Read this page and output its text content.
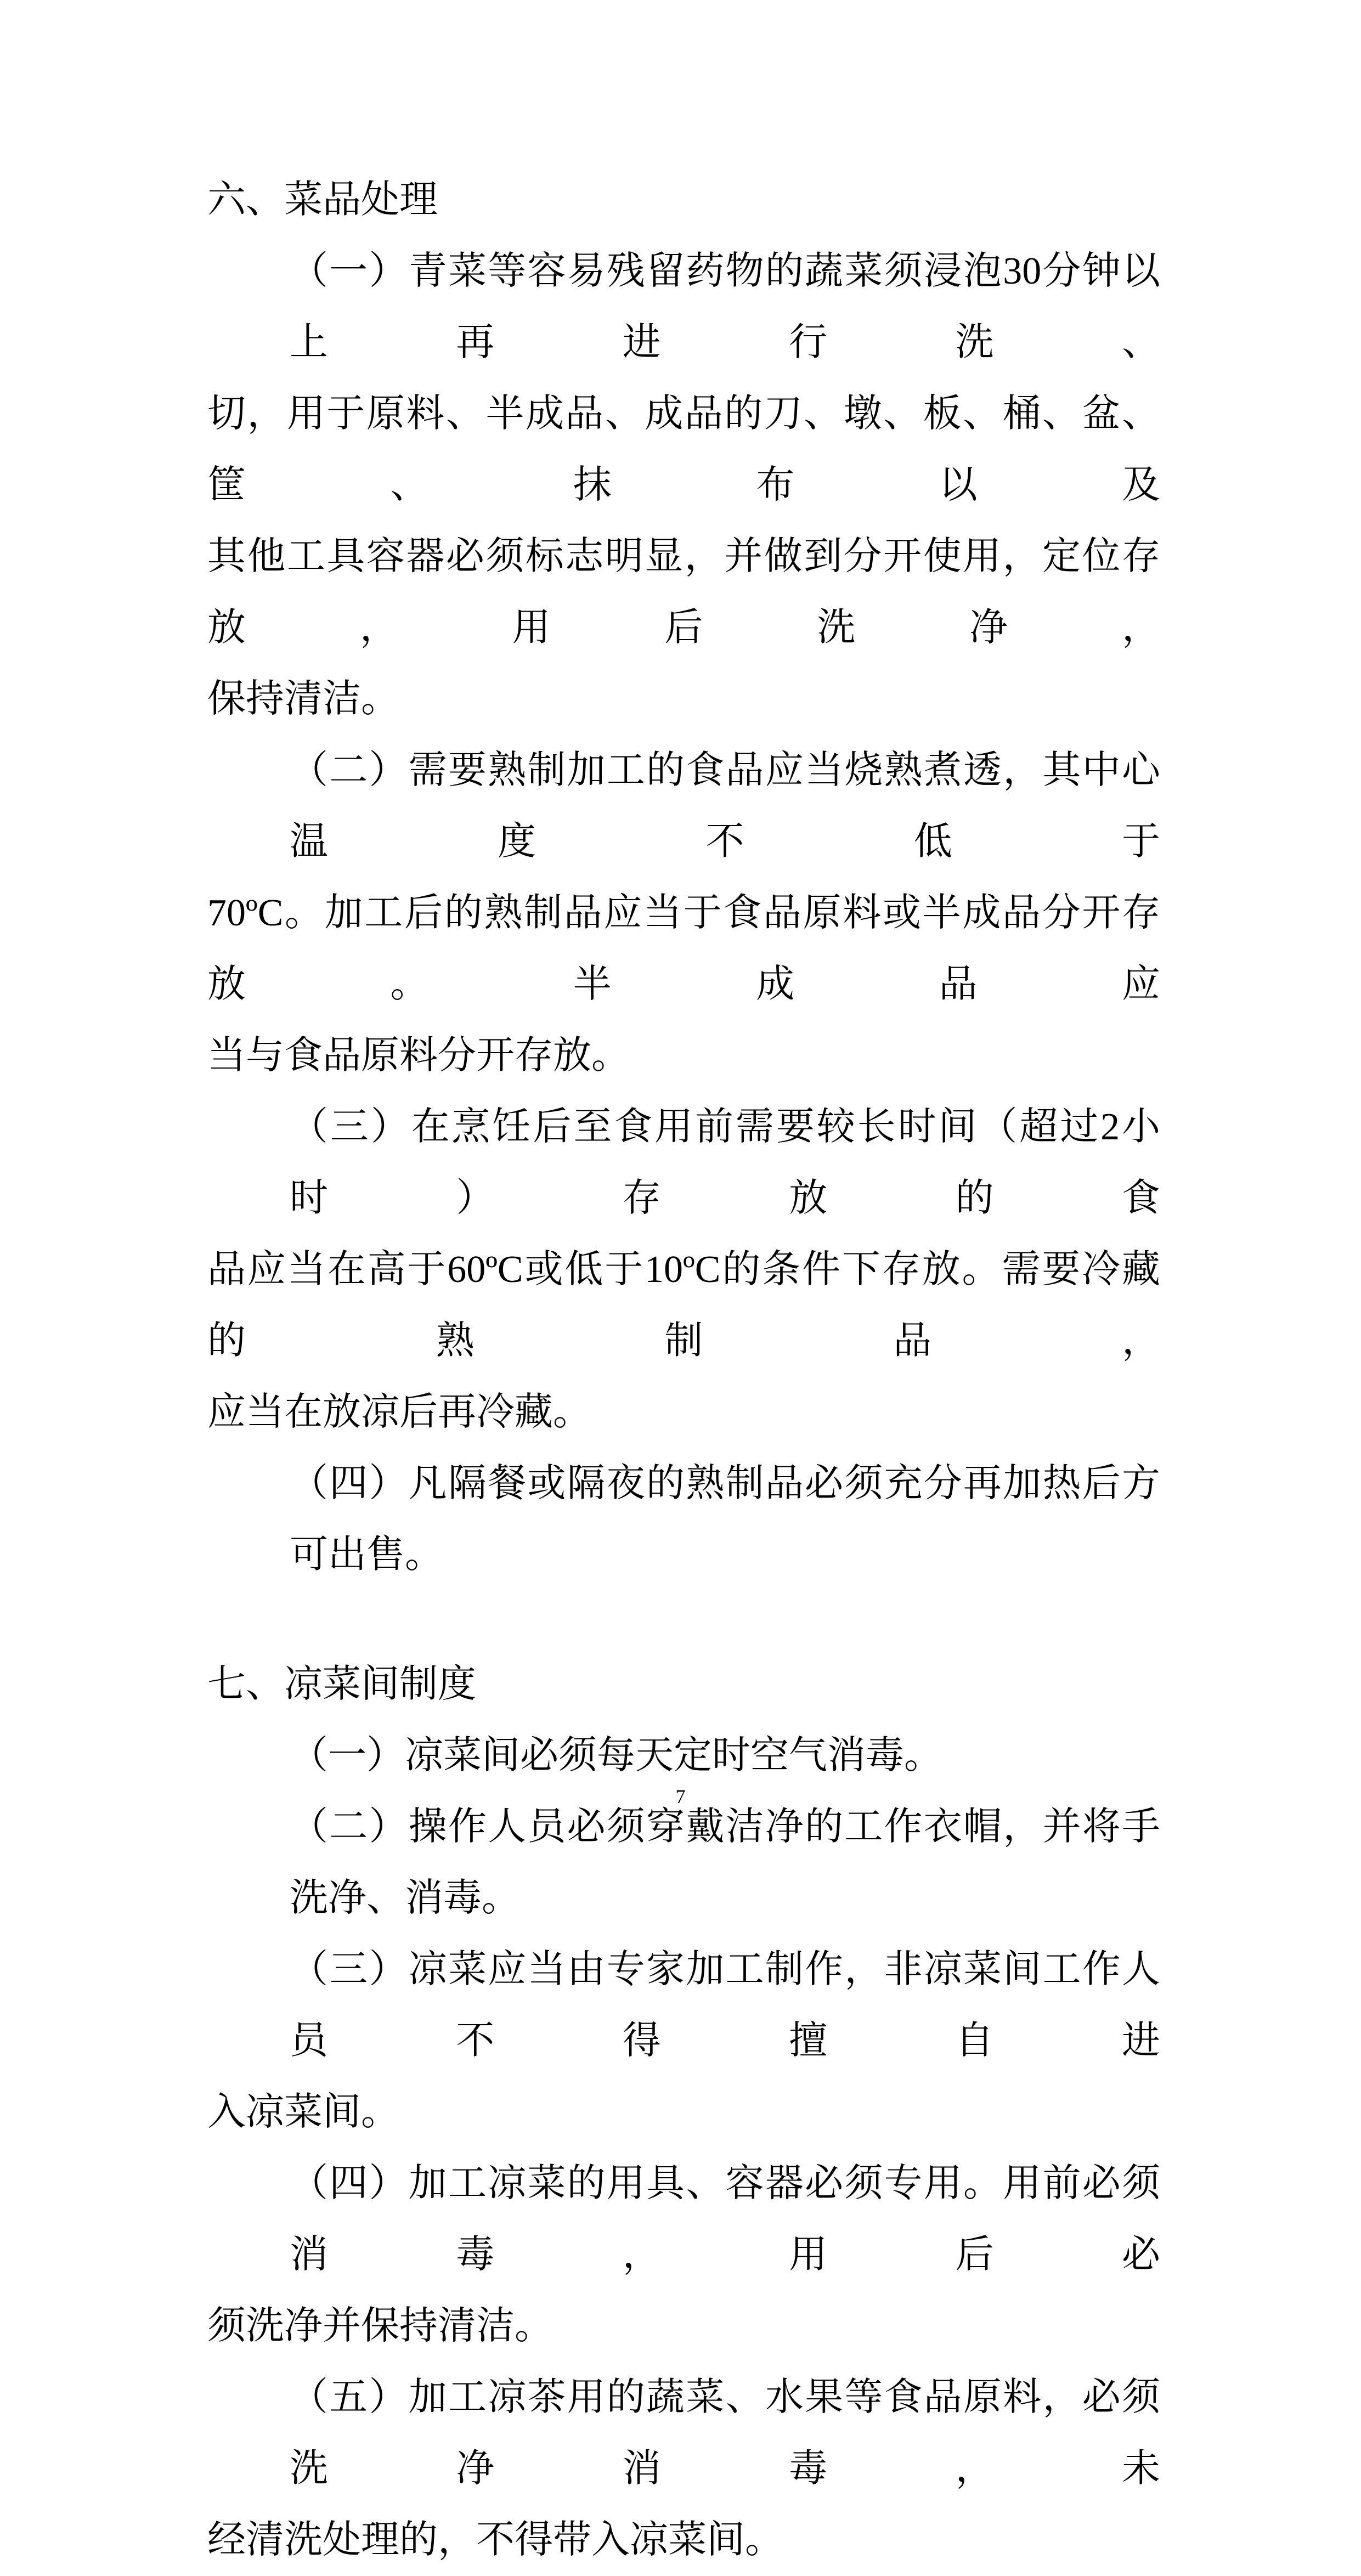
六、菜品处理
（一）青菜等容易残留药物的蔬菜须浸泡30分钟以上再进行洗、
切，用于原料、半成品、成品的刀、墩、板、桶、盆、筐、抹布以及
其他工具容器必须标志明显，并做到分开使用，定位存放，用后洗净，
保持清洁。
（二）需要熟制加工的食品应当烧熟煮透，其中心温度不低于
70ºC。加工后的熟制品应当于食品原料或半成品分开存放。半成品应
当与食品原料分开存放。
（三）在烹饪后至食用前需要较长时间（超过2小时）存放的食
品应当在高于60ºC或低于10ºC的条件下存放。需要冷藏的熟制品，
应当在放凉后再冷藏。
（四）凡隔餐或隔夜的熟制品必须充分再加热后方可出售。
七、凉菜间制度
（一）凉菜间必须每天定时空气消毒。
（二）操作人员必须穿戴洁净的工作衣帽，并将手洗净、消毒。
（三）凉菜应当由专家加工制作，非凉菜间工作人员不得擅自进
入凉菜间。
（四）加工凉菜的用具、容器必须专用。用前必须消毒，用后必
须洗净并保持清洁。
（五）加工凉茶用的蔬菜、水果等食品原料，必须洗净消毒，未
经清洗处理的，不得带入凉菜间。
7
